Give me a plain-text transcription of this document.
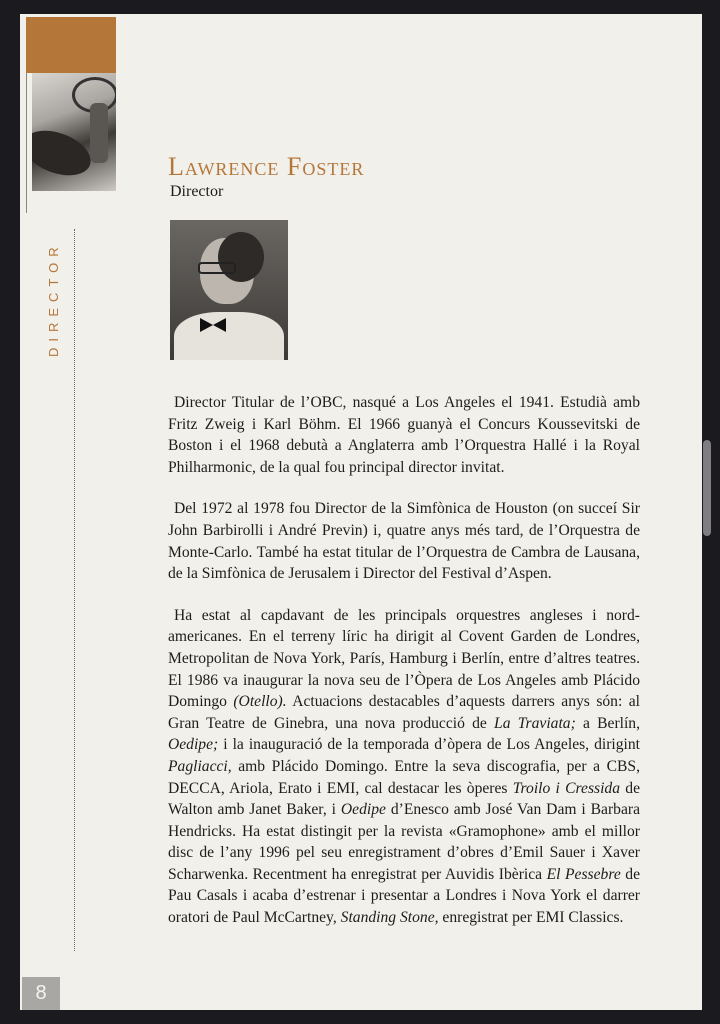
DIRECTOR
Lawrence Foster
Director

Director Titular de l’OBC, nasqué a Los Angeles el 1941. Estudià amb Fritz Zweig i Karl Böhm. El 1966 guanyà el Concurs Koussevitski de Boston i el 1968 debutà a Anglaterra amb l’Orquestra Hallé i la Royal Philharmonic, de la qual fou principal director invitat.

Del 1972 al 1978 fou Director de la Simfònica de Houston (on succeí Sir John Barbirolli i André Previn) i, quatre anys més tard, de l’Orquestra de Monte-Carlo. També ha estat titular de l’Orquestra de Cambra de Lausana, de la Simfònica de Jerusalem i Director del Festival d’Aspen.

Ha estat al capdavant de les principals orquestres angleses i nord-americanes. En el terreny líric ha dirigit al Covent Garden de Londres, Metropolitan de Nova York, París, Hamburg i Berlín, entre d’altres teatres. El 1986 va inaugurar la nova seu de l’Òpera de Los Angeles amb Plácido Domingo (Otello). Actuacions destacables d’aquests darrers anys són: al Gran Teatre de Ginebra, una nova producció de La Traviata; a Berlín, Oedipe; i la inauguració de la temporada d’òpera de Los Angeles, dirigint Pagliacci, amb Plácido Domingo. Entre la seva discografia, per a CBS, DECCA, Ariola, Erato i EMI, cal destacar les òperes Troilo i Cressida de Walton amb Janet Baker, i Oedipe d’Enesco amb José Van Dam i Barbara Hendricks. Ha estat distingit per la revista «Gramophone» amb el millor disc de l’any 1996 pel seu enregistrament d’obres d’Emil Sauer i Xaver Scharwenka. Recentment ha enregistrat per Auvidis Ibèrica El Pessebre de Pau Casals i acaba d’estrenar i presentar a Londres i Nova York el darrer oratori de Paul McCartney, Standing Stone, enregistrat per EMI Classics.

8
